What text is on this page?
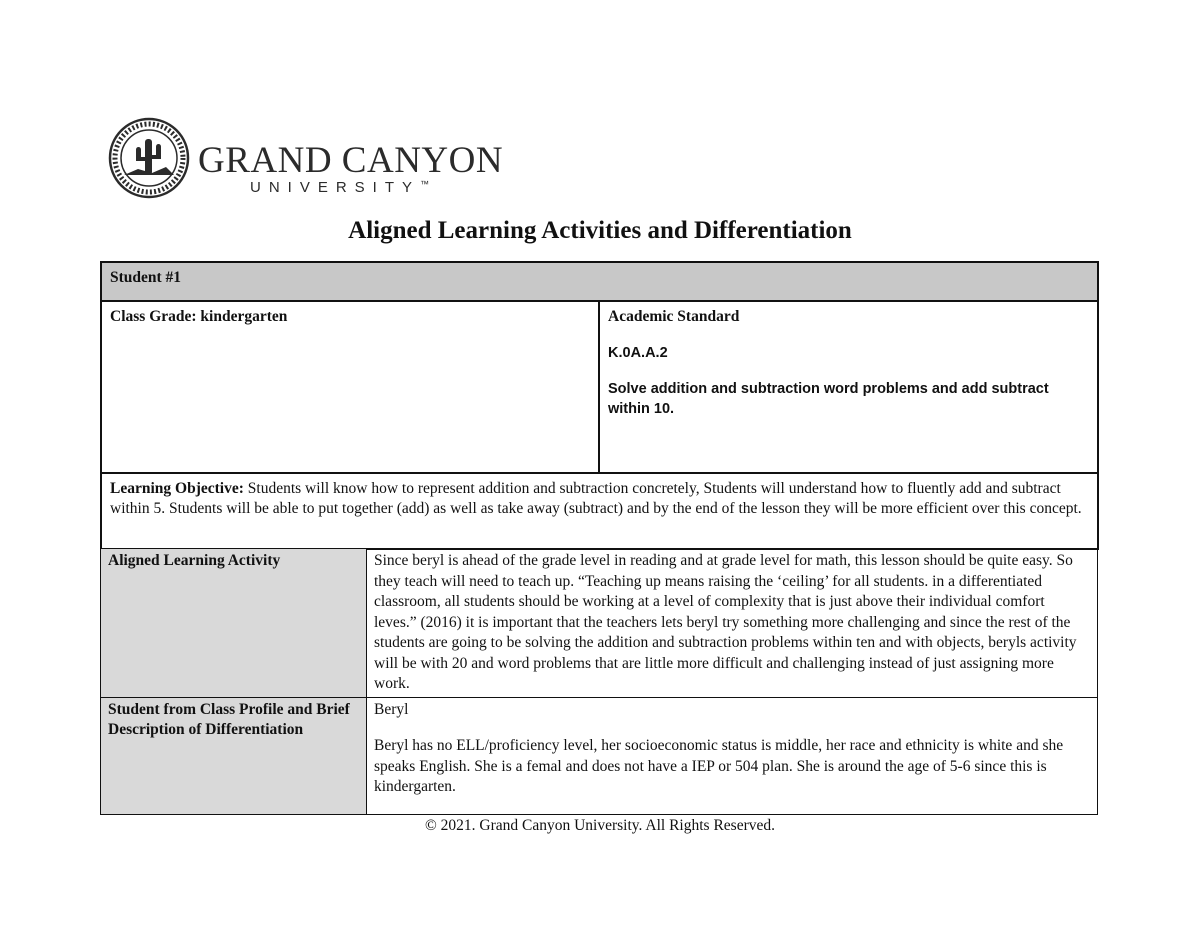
GRAND CANYON
UNIVERSITY™
Aligned Learning Activities and Differentiation
Student #1
Class Grade: kindergarten	Academic Standard

K.0A.A.2

Solve addition and subtraction word problems and add subtract within 10.

Learning Objective: Students will know how to represent addition and subtraction concretely, Students will understand how to fluently add and subtract within 5. Students will be able to put together (add) as well as take away (subtract) and by the end of the lesson they will be more efficient over this concept.
Aligned Learning Activity	Since beryl is ahead of the grade level in reading and at grade level for math, this lesson should be quite easy. So they teach will need to teach up. “Teaching up means raising the ‘ceiling’ for all students. in a differentiated classroom, all students should be working at a level of complexity that is just above their individual comfort leves.” (2016) it is important that the teachers lets beryl try something more challenging and since the rest of the students are going to be solving the addition and subtraction problems within ten and with objects, beryls activity will be with 20 and word problems that are little more difficult and challenging instead of just assigning more work.

Student from Class Profile and Brief Description of Differentiation	Beryl

Beryl has no ELL/proficiency level, her socioeconomic status is middle, her race and ethnicity is white and she speaks English. She is a femal and does not have a IEP or 504 plan. She is around the age of 5-6 since this is kindergarten.

© 2021. Grand Canyon University. All Rights Reserved.
